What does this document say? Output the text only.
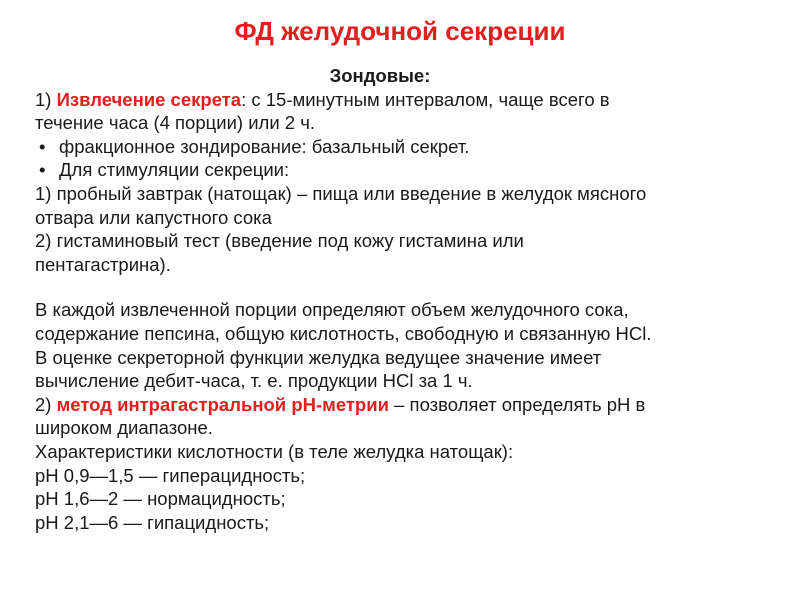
ФД желудочной секреции
Зондовые:
1) Извлечение секрета: с 15-минутным интервалом, чаще всего в
течение часа (4 порции) или 2 ч.
• фракционное зондирование: базальный секрет.
• Для стимуляции секреции:
1) пробный завтрак (натощак) – пища или введение в желудок мясного
отвара или капустного сока
2) гистаминовый тест (введение под кожу гистамина или
пентагастрина).
В каждой извлеченной порции определяют объем желудочного сока,
содержание пепсина, общую кислотность, свободную и связанную HCl.
В оценке секреторной функции желудка ведущее значение имеет
вычисление дебит-часа, т. е. продукции HCl за 1 ч.
2) метод интрагастральной рН-метрии – позволяет определять pH в
широком диапазоне.
Характеристики кислотности (в теле желудка натощак):
pH 0,9—1,5 — гиперацидность;
pH 1,6—2 — нормацидность;
pH 2,1—6 — гипацидность;
